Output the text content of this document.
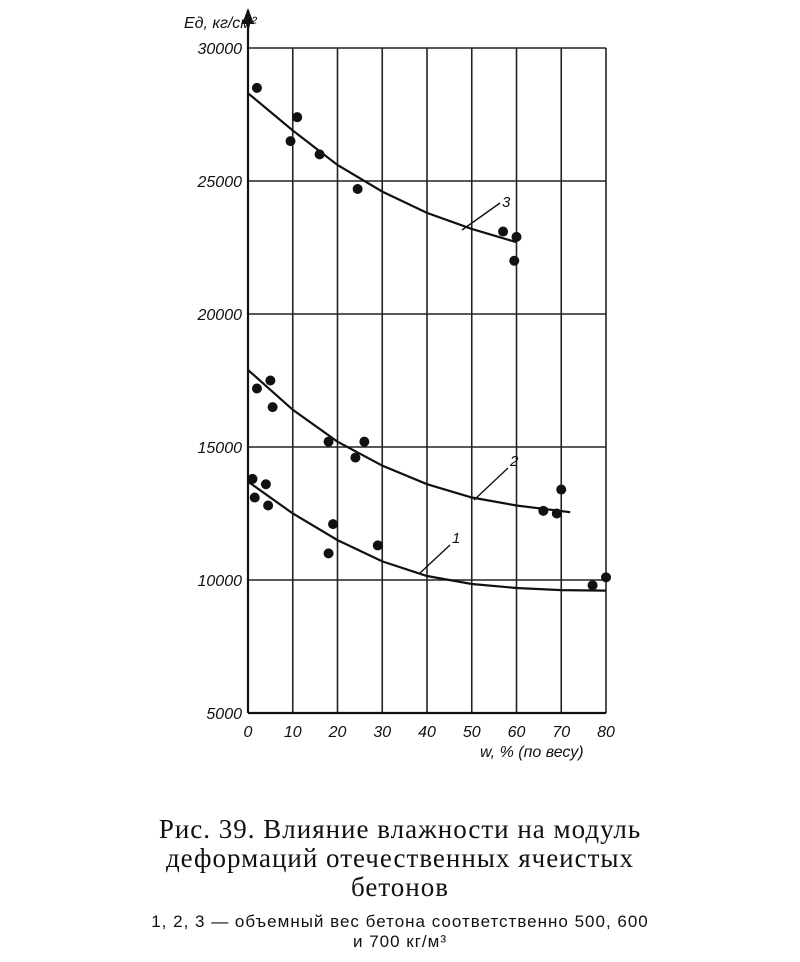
1
2
3
0 10 20 30 40 50 60 70 80
5000
10000
15000
20000
25000
30000
Eд, кг/см²
w, % (по весу)
Рис. 39. Влияние влажности на модуль деформаций отечественных ячеистых бетонов
1, 2, 3 — объемный вес бетона соответственно 500, 600 и 700 кг/м³
